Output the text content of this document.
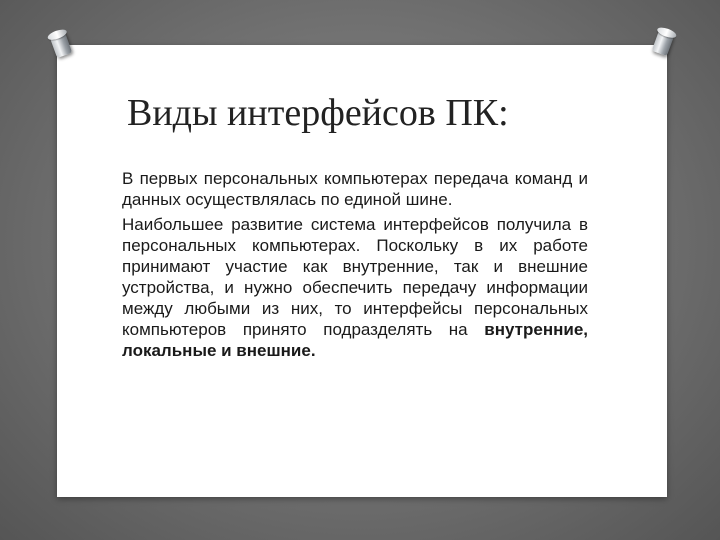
Виды интерфейсов ПК:

В первых персональных компьютерах передача команд и данных осуществлялась по единой шине.

Наибольшее развитие система интерфейсов получила в персональных компьютерах. Поскольку в их работе принимают участие как внутренние, так и внешние устройства, и нужно обеспечить передачу информации между любыми из них, то интерфейсы персональных компьютеров принято подразделять на внутренние, локальные и внешние.
